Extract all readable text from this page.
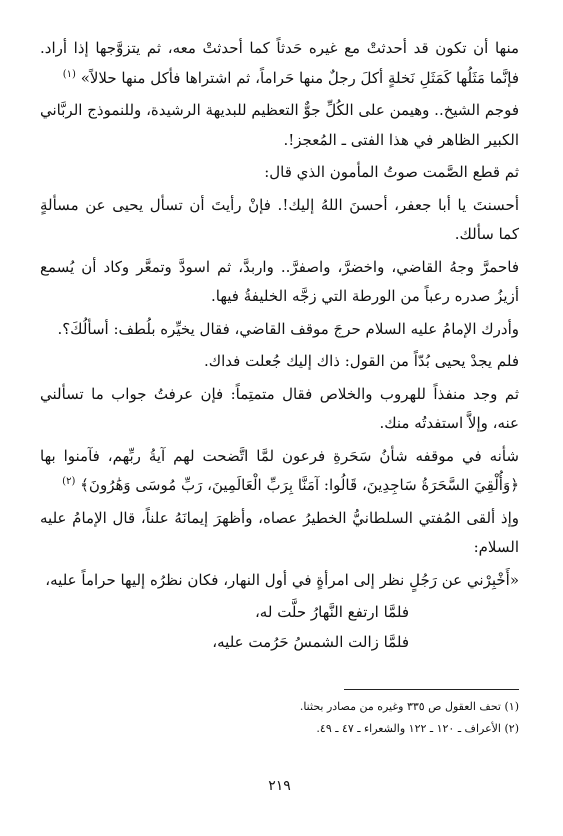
منها أن تكون قد أحدثتْ مع غيره حَدثاً كما أحدثتْ معه، ثم يتزوَّجها إذا أراد. فإنَّما مَثَلُها كَمَثَلِ نَخلةٍ أكلَ رجلٌ منها حَراماً، ثم اشتراها فأكل منها حلالاً» $^{(١)}$

فوجم الشيخ.. وهيمن على الكُلِّ جوٌّ التعظيم للبديهة الرشيدة، وللنموذج الربَّاني الكبير الظاهر في هذا الفتى ـ المُعجز!.

ثم قطع الصَّمت صوتُ المأمون الذي قال:

أحسنتَ يا أبا جعفر، أحسنَ اللهُ إليك!. فإنْ رأيتَ أن تسأل يحيى عن مسألةٍ كما سألك.

فاحمرَّ وجهُ القاضي، واخضرَّ، واصفرَّ.. واربدَّ، ثم اسودَّ وتمعَّر وكاد أن يُسمع أزيزُ صدره رعباً من الورطة التي زجَّه الخليفةُ فيها.

وأدرك الإمامُ عليه السلام حرجَ موقف القاضي، فقال يخيِّره بلُطف: أسألُكَ؟.

فلم يجدْ يحيى بُدّاً من القول: ذاك إليك جُعلت فداك.

ثم وجد منفذاً للهروب والخلاص فقال متمتِماً: فإن عرفتُ جواب ما تسألني عنه، وإلاَّ استفدتُه منك.

شأنه في موقفه شأنُ سَحَرةِ فرعون لمَّا اتَّضحت لهم آيةُ ربِّهم، فآمنوا بها ﴿وَأُلْقِيَ السَّحَرَةُ سَاجِدِينَ، قَالُوا: آمَنَّا بِرَبِّ الْعَالَمِينَ، رَبِّ مُوسَى وَهَٰرُونَ﴾ $^{(٢)}$

وإذ ألقى المُفتي السلطانيُّ الخطيرُ عصاه، وأظهرَ إيمانَهُ علناً، قال الإمامُ عليه السلام:

«أَخْبِرْني عن رَجُلٍ نظر إلى امرأةٍ في أول النهار، فكان نظرُه إليها حراماً عليه،

فلمَّا ارتفع النَّهارُ حلَّت له،

فلمَّا زالت الشمسُ حَرُمت عليه،

(١) تحف العقول ص ٣٣٥ وغيره من مصادر بحثنا.

(٢) الأعراف ـ ١٢٠ ـ ١٢٢ والشعراء ـ ٤٧ ـ ٤٩.

٢١٩
